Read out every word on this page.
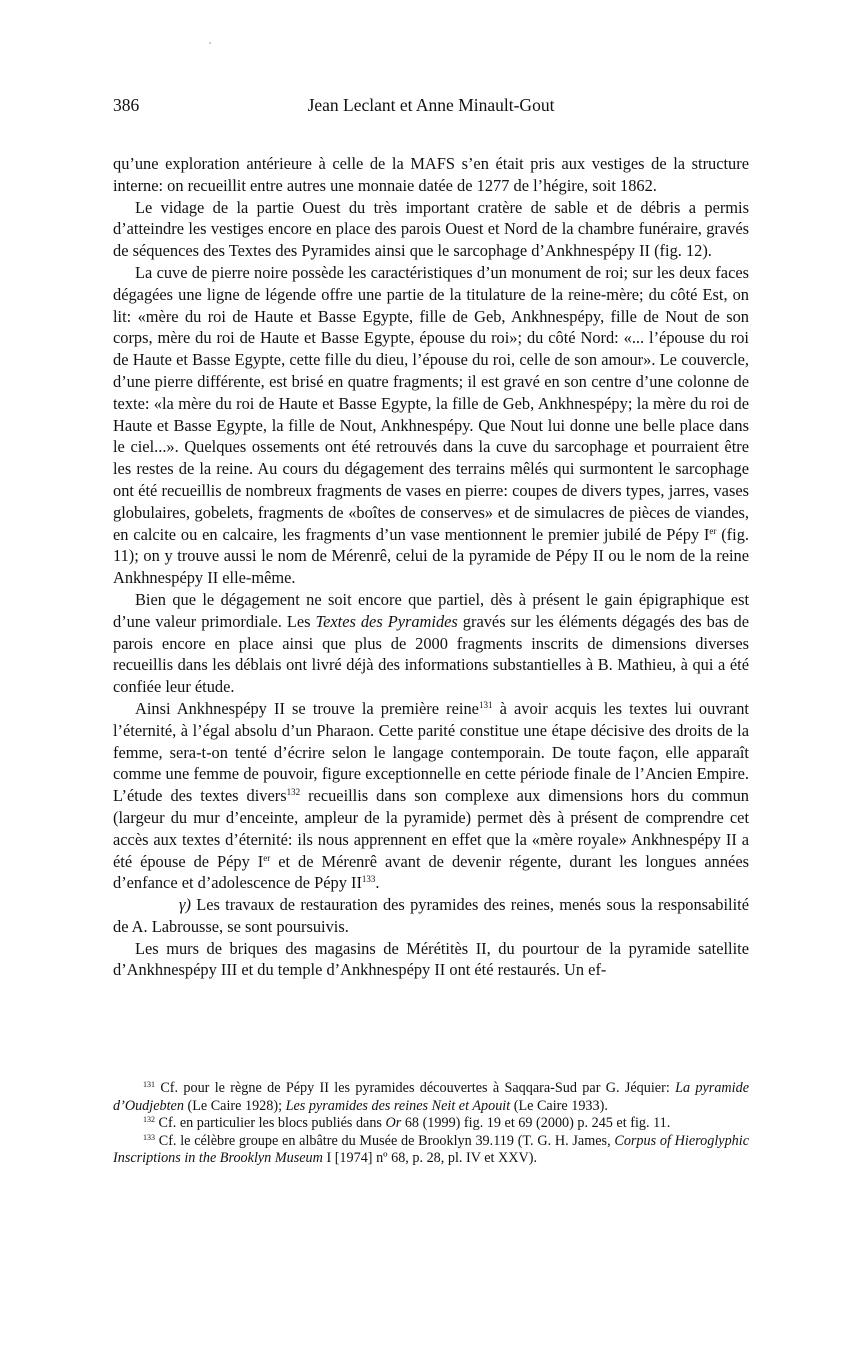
386	Jean Leclant et Anne Minault-Gout

qu’une exploration antérieure à celle de la MAFS s’en était pris aux vestiges de la structure interne: on recueillit entre autres une monnaie datée de 1277 de l’hégire, soit 1862.

Le vidage de la partie Ouest du très important cratère de sable et de débris a permis d’atteindre les vestiges encore en place des parois Ouest et Nord de la chambre funéraire, gravés de séquences des Textes des Pyramides ainsi que le sarcophage d’Ankhnespépy II (fig. 12).

La cuve de pierre noire possède les caractéristiques d’un monument de roi; sur les deux faces dégagées une ligne de légende offre une partie de la titulature de la reine-mère; du côté Est, on lit: «mère du roi de Haute et Basse Egypte, fille de Geb, Ankhnespépy, fille de Nout de son corps, mère du roi de Haute et Basse Egypte, épouse du roi»; du côté Nord: «... l’épouse du roi de Haute et Basse Egypte, cette fille du dieu, l’épouse du roi, celle de son amour». Le couvercle, d’une pierre différente, est brisé en quatre fragments; il est gravé en son centre d’une colonne de texte: «la mère du roi de Haute et Basse Egypte, la fille de Geb, Ankhnespépy; la mère du roi de Haute et Basse Egypte, la fille de Nout, Ankhnespépy. Que Nout lui donne une belle place dans le ciel...». Quelques ossements ont été retrouvés dans la cuve du sarcophage et pourraient être les restes de la reine. Au cours du dégagement des terrains mêlés qui surmontent le sarcophage ont été recueillis de nombreux fragments de vases en pierre: coupes de divers types, jarres, vases globulaires, gobelets, fragments de «boîtes de conserves» et de simulacres de pièces de viandes, en calcite ou en calcaire, les fragments d’un vase mentionnent le premier jubilé de Pépy Ier (fig. 11); on y trouve aussi le nom de Mérenrê, celui de la pyramide de Pépy II ou le nom de la reine Ankhnespépy II elle-même.

Bien que le dégagement ne soit encore que partiel, dès à présent le gain épigraphique est d’une valeur primordiale. Les Textes des Pyramides gravés sur les éléments dégagés des bas de parois encore en place ainsi que plus de 2000 fragments inscrits de dimensions diverses recueillis dans les déblais ont livré déjà des informations substantielles à B. Mathieu, à qui a été confiée leur étude.

Ainsi Ankhnespépy II se trouve la première reine$^{131}$ à avoir acquis les textes lui ouvrant l’éternité, à l’égal absolu d’un Pharaon. Cette parité constitue une étape décisive des droits de la femme, sera-t-on tenté d’écrire selon le langage contemporain. De toute façon, elle apparaît comme une femme de pouvoir, figure exceptionnelle en cette période finale de l’Ancien Empire. L’étude des textes divers$^{132}$ recueillis dans son complexe aux dimensions hors du commun (largeur du mur d’enceinte, ampleur de la pyramide) permet dès à présent de comprendre cet accès aux textes d’éternité: ils nous apprennent en effet que la «mère royale» Ankhnespépy II a été épouse de Pépy Ier et de Mérenrê avant de devenir régente, durant les longues années d’enfance et d’adolescence de Pépy II$^{133}$.

γ) Les travaux de restauration des pyramides des reines, menés sous la responsabilité de A. Labrousse, se sont poursuivis.

Les murs de briques des magasins de Mérétitès II, du pourtour de la pyramide satellite d’Ankhnespépy III et du temple d’Ankhnespépy II ont été restaurés. Un ef-

$^{131}$ Cf. pour le règne de Pépy II les pyramides découvertes à Saqqara-Sud par G. Jéquier: La pyramide d’Oudjebten (Le Caire 1928); Les pyramides des reines Neit et Apouit (Le Caire 1933).

$^{132}$ Cf. en particulier les blocs publiés dans Or 68 (1999) fig. 19 et 69 (2000) p. 245 et fig. 11.

$^{133}$ Cf. le célèbre groupe en albâtre du Musée de Brooklyn 39.119 (T. G. H. James, Corpus of Hieroglyphic Inscriptions in the Brooklyn Museum I [1974] nº 68, p. 28, pl. IV et XXV).
